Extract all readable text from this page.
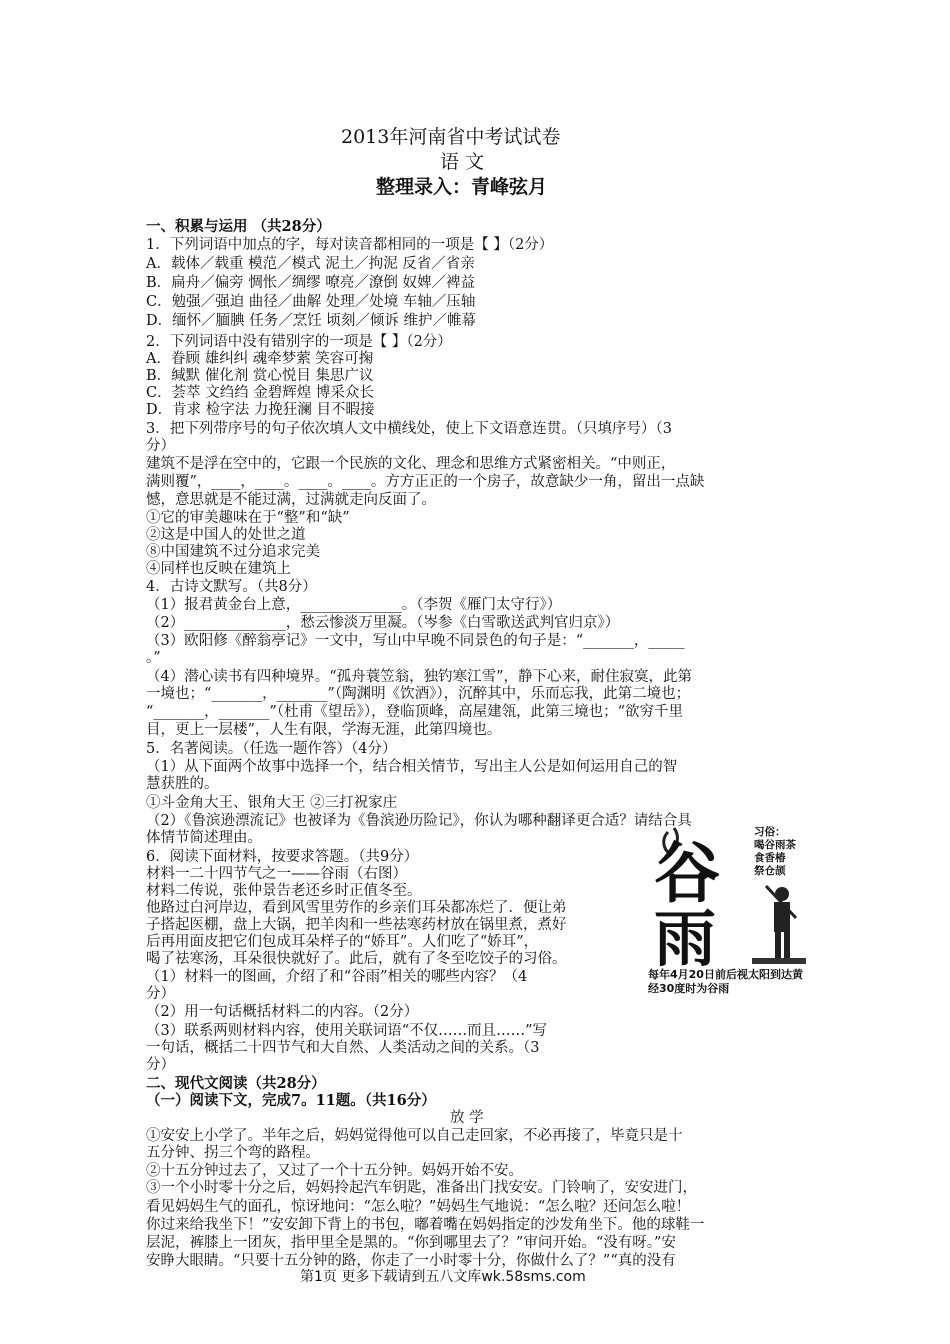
2013年河南省中考试试卷
语 文
整理录入：青峰弦月
一、积累与运用 （共28分）
1．下列词语中加点的字，每对读音都相同的一项是【 】（2分）
A．载体／载重 模范／模式 泥土／拘泥 反省／省亲
B．扁舟／偏旁 惆怅／绸缪 嘹亮／潦倒 奴婢／裨益
C．勉强／强迫 曲径／曲解 处理／处境 车轴／压轴
D．缅怀／腼腆 任务／烹饪 顷刻／倾诉 维护／帷幕
2．下列词语中没有错别字的一项是【 】（2分）
A．眷顾 雄纠纠 魂牵梦萦 笑容可掬
B．缄默 催化剂 赏心悦目 集思广议
C．荟萃 文绉绉 金碧辉煌 博采众长
D．肯求 检字法 力挽狂澜 目不暇接
3．把下列带序号的句子依次填人文中横线处，使上下文语意连贯。（只填序号）（3
分）
建筑不是浮在空中的，它跟一个民族的文化、理念和思维方式紧密相关。“中则正，
满则覆”，____，____。____。____。方方正正的一个房子，故意缺少一角，留出一点缺
憾，意思就是不能过满，过满就走向反面了。
①它的审美趣味在于“整”和“缺”
②这是中国人的处世之道
⑧中国建筑不过分追求完美
④同样也反映在建筑上
4．古诗文默写。（共8分）
（1）报君黄金台上意，______________。（李贺《雁门太守行》）
（2）______________，愁云惨淡万里凝。（岑参《白雪歌送武判官归京》）
（3）欧阳修《醉翁亭记》一文中，写山中早晚不同景色的句子是：“_______，_____
。”
（4）潜心读书有四种境界。“孤舟蓑笠翁，独钓寒江雪”，静下心来，耐住寂寞，此第
一境也；“_______，_______”（陶渊明《饮酒》），沉醉其中，乐而忘我，此第二境也；
“_______，_______”（杜甫《望岳》），登临顶峰，高屋建瓴，此第三境也；“欲穷千里
目，更上一层楼”，人生有限，学海无涯，此第四境也。
5．名著阅读。（任选一题作答）（4分）
（1）从下面两个故事中选择一个，结合相关情节，写出主人公是如何运用自己的智
慧获胜的。
①斗金角大王、银角大王 ②三打祝家庄
（2）《鲁滨逊漂流记》也被译为《鲁滨逊历险记》，你认为哪种翻译更合适？请结合具
体情节简述理由。
6．阅读下面材料，按要求答题。（共9分）
材料一二十四节气之一——谷雨（右图）
材料二传说，张仲景告老还乡时正值冬至。
他路过白河岸边，看到风雪里劳作的乡亲们耳朵都冻烂了．便让弟
子搭起医棚，盘上大锅，把羊肉和一些祛寒药材放在锅里煮，煮好
后再用面皮把它们包成耳朵样子的“娇耳”。人们吃了“娇耳”，
喝了祛寒汤，耳朵很快就好了。此后，就有了冬至吃饺子的习俗。
（1）材料一的图画，介绍了和“谷雨”相关的哪些内容？（4
分）
（2）用一句话概括材料二的内容。（2分）
（3）联系两则材料内容，使用关联词语“不仅……而且……”写
一句话，概括二十四节气和大自然、人类活动之间的关系。（3
分）
二、现代文阅读（共28分）
（一）阅读下文，完成7。11题。（共16分）
放 学
①安安上小学了。半年之后，妈妈觉得他可以自己走回家，不必再接了，毕竟只是十
五分钟、拐三个弯的路程。
②十五分钟过去了，又过了一个十五分钟。妈妈开始不安。
③一个小时零十分之后，妈妈拎起汽车钥匙，准备出门找安安。门铃响了，安安进门，
看见妈妈生气的面孔，惊讶地问：“怎么啦？”妈妈生气地说：“怎么啦？还问怎么啦！
你过来给我坐下！”安安卸下背上的书包，嘟着嘴在妈妈指定的沙发角坐下。他的球鞋一
层泥，裤膝上一团灰，指甲里全是黑的。“你到哪里去了？”审问开始。“没有呀。”安
安睁大眼睛。“只要十五分钟的路，你走了一小时零十分，你做什么了？”“真的没有
谷
雨
习俗：
喝谷雨茶
食香椿
祭仓颉
每年4月20日前后视太阳到达黄
经30度时为谷雨
第1页 更多下载请到五八文库wk.58sms.com
